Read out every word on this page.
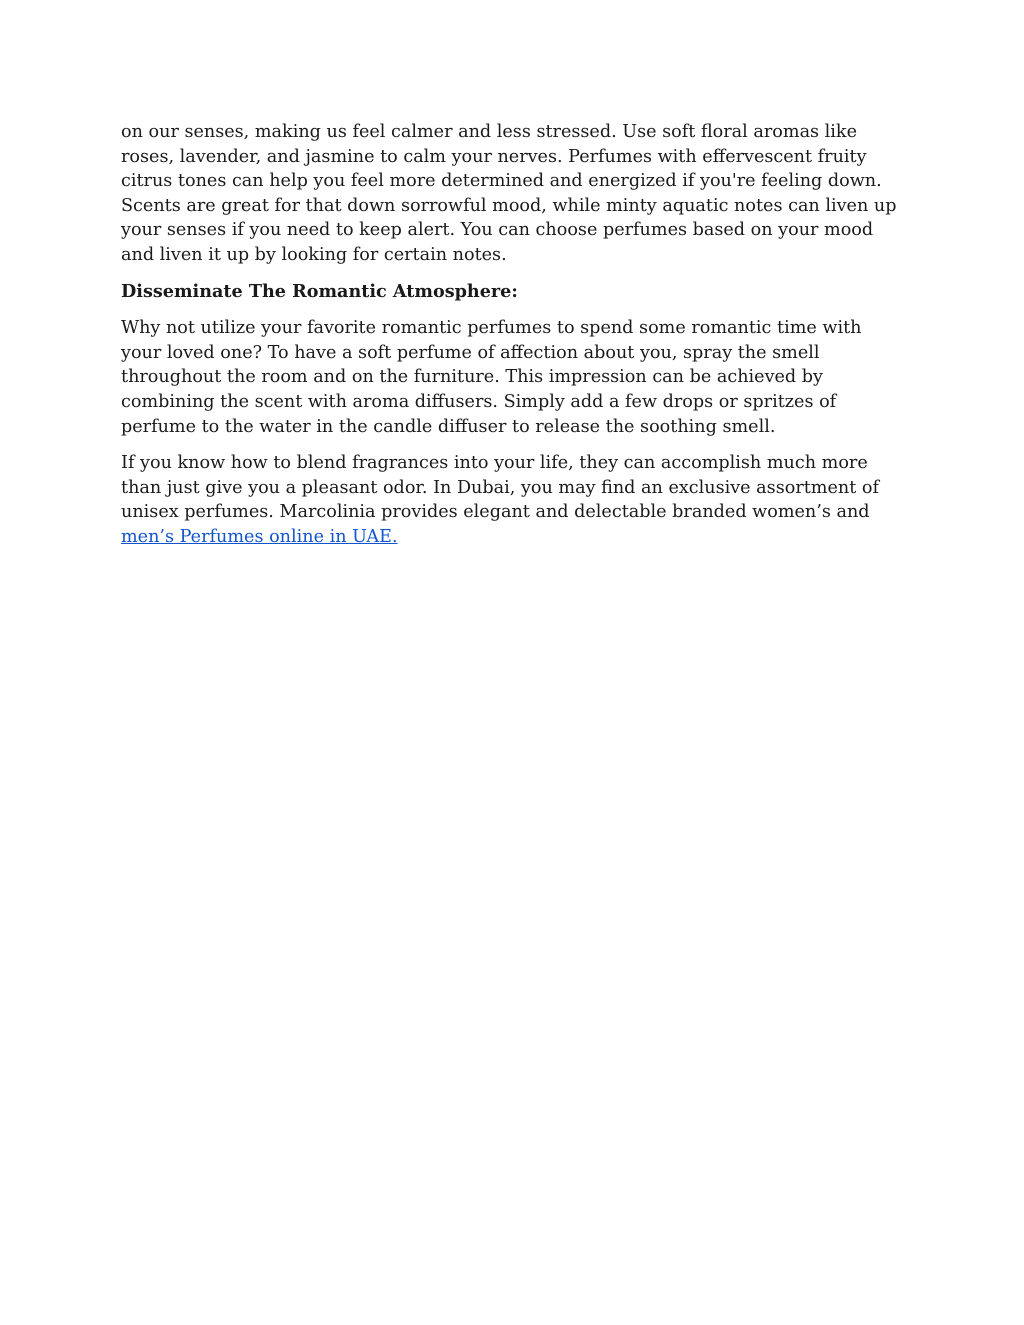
on our senses, making us feel calmer and less stressed. Use soft floral aromas like roses, lavender, and jasmine to calm your nerves. Perfumes with effervescent fruity citrus tones can help you feel more determined and energized if you're feeling down. Scents are great for that down sorrowful mood, while minty aquatic notes can liven up your senses if you need to keep alert. You can choose perfumes based on your mood and liven it up by looking for certain notes.

Disseminate The Romantic Atmosphere:

Why not utilize your favorite romantic perfumes to spend some romantic time with your loved one? To have a soft perfume of affection about you, spray the smell throughout the room and on the furniture. This impression can be achieved by combining the scent with aroma diffusers. Simply add a few drops or spritzes of perfume to the water in the candle diffuser to release the soothing smell.

If you know how to blend fragrances into your life, they can accomplish much more than just give you a pleasant odor. In Dubai, you may find an exclusive assortment of unisex perfumes. Marcolinia provides elegant and delectable branded women’s and men’s Perfumes online in UAE.
